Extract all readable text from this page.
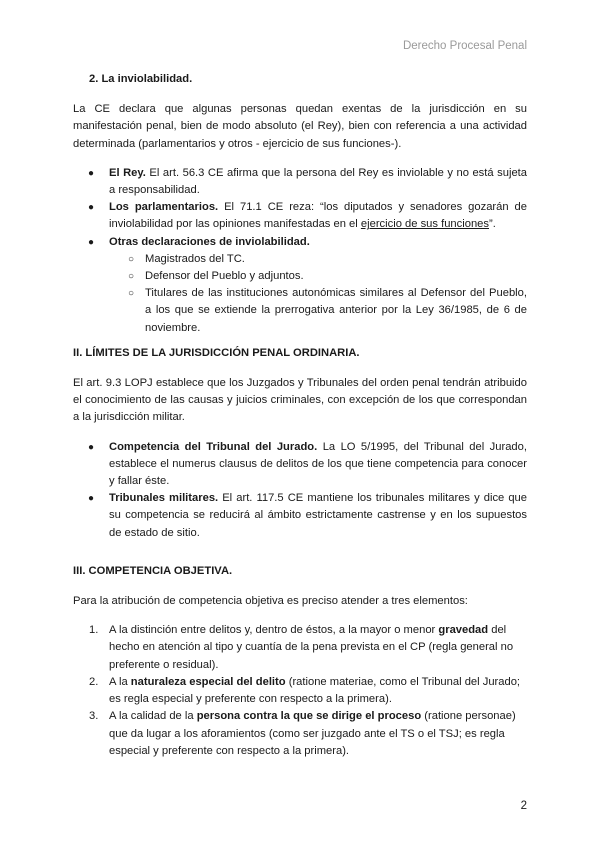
Derecho Procesal Penal

2. La inviolabilidad.

La CE declara que algunas personas quedan exentas de la jurisdicción en su manifestación penal, bien de modo absoluto (el Rey), bien con referencia a una actividad determinada (parlamentarios y otros - ejercicio de sus funciones-).

● El Rey. El art. 56.3 CE afirma que la persona del Rey es inviolable y no está sujeta a responsabilidad.
● Los parlamentarios. El 71.1 CE reza: “los diputados y senadores gozarán de inviolabilidad por las opiniones manifestadas en el ejercicio de sus funciones”.
● Otras declaraciones de inviolabilidad.
○ Magistrados del TC.
○ Defensor del Pueblo y adjuntos.
○ Titulares de las instituciones autonómicas similares al Defensor del Pueblo, a los que se extiende la prerrogativa anterior por la Ley 36/1985, de 6 de noviembre.

II. LÍMITES DE LA JURISDICCIÓN PENAL ORDINARIA.

El art. 9.3 LOPJ establece que los Juzgados y Tribunales del orden penal tendrán atribuido el conocimiento de las causas y juicios criminales, con excepción de los que correspondan a la jurisdicción militar.

● Competencia del Tribunal del Jurado. La LO 5/1995, del Tribunal del Jurado, establece el numerus clausus de delitos de los que tiene competencia para conocer y fallar éste.
● Tribunales militares. El art. 117.5 CE mantiene los tribunales militares y dice que su competencia se reducirá al ámbito estrictamente castrense y en los supuestos de estado de sitio.

III. COMPETENCIA OBJETIVA.

Para la atribución de competencia objetiva es preciso atender a tres elementos:

1. A la distinción entre delitos y, dentro de éstos, a la mayor o menor gravedad del hecho en atención al tipo y cuantía de la pena prevista en el CP (regla general no preferente o residual).
2. A la naturaleza especial del delito (ratione materiae, como el Tribunal del Jurado; es regla especial y preferente con respecto a la primera).
3. A la calidad de la persona contra la que se dirige el proceso (ratione personae) que da lugar a los aforamientos (como ser juzgado ante el TS o el TSJ; es regla especial y preferente con respecto a la primera).
2
